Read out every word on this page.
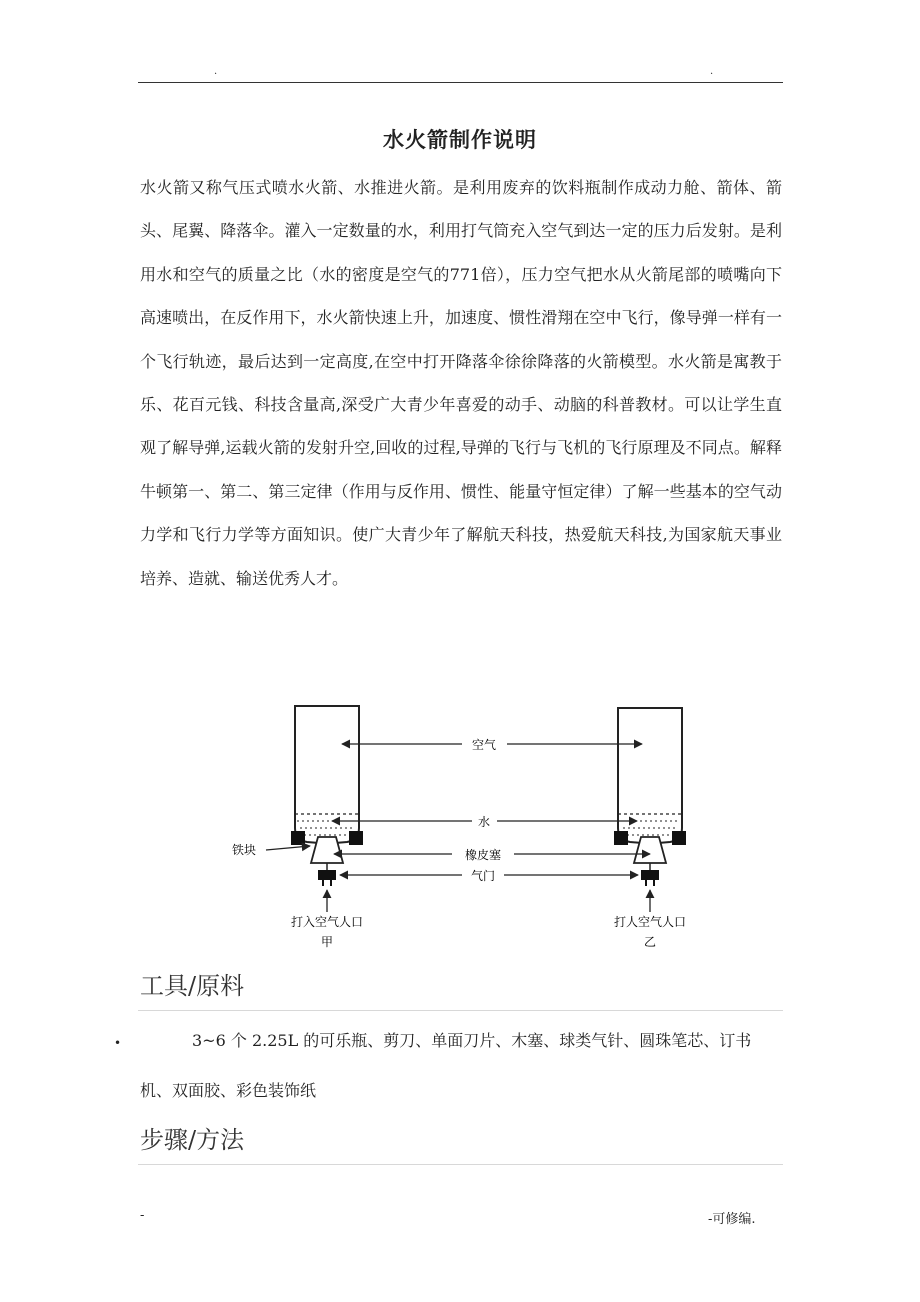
.	.
水火箭制作说明

水火箭又称气压式喷水火箭、水推进火箭。是利用废弃的饮料瓶制作成动力舱、箭体、箭头、尾翼、降落伞。灌入一定数量的水，利用打气筒充入空气到达一定的压力后发射。是利用水和空气的质量之比（水的密度是空气的771倍），压力空气把水从火箭尾部的喷嘴向下高速喷出，在反作用下，水火箭快速上升，加速度、惯性滑翔在空中飞行，像导弹一样有一个飞行轨迹，最后达到一定高度,在空中打开降落伞徐徐降落的火箭模型。水火箭是寓教于乐、花百元钱、科技含量高,深受广大青少年喜爱的动手、动脑的科普教材。可以让学生直观了解导弹,运载火箭的发射升空,回收的过程,导弹的飞行与飞机的飞行原理及不同点。解释牛顿第一、第二、第三定律（作用与反作用、惯性、能量守恒定律）了解一些基本的空气动力学和飞行力学等方面知识。使广大青少年了解航天科技，热爱航天科技,为国家航天事业培养、造就、输送优秀人才。

空气
水
橡皮塞
气门
铁块
打入空气人口	打人空气人口
甲	乙
工具/原料
•	3~6 个 2.25L 的可乐瓶、剪刀、单面刀片、木塞、球类气针、圆珠笔芯、订书机、双面胶、彩色装饰纸
步骤/方法
-	-可修编.
